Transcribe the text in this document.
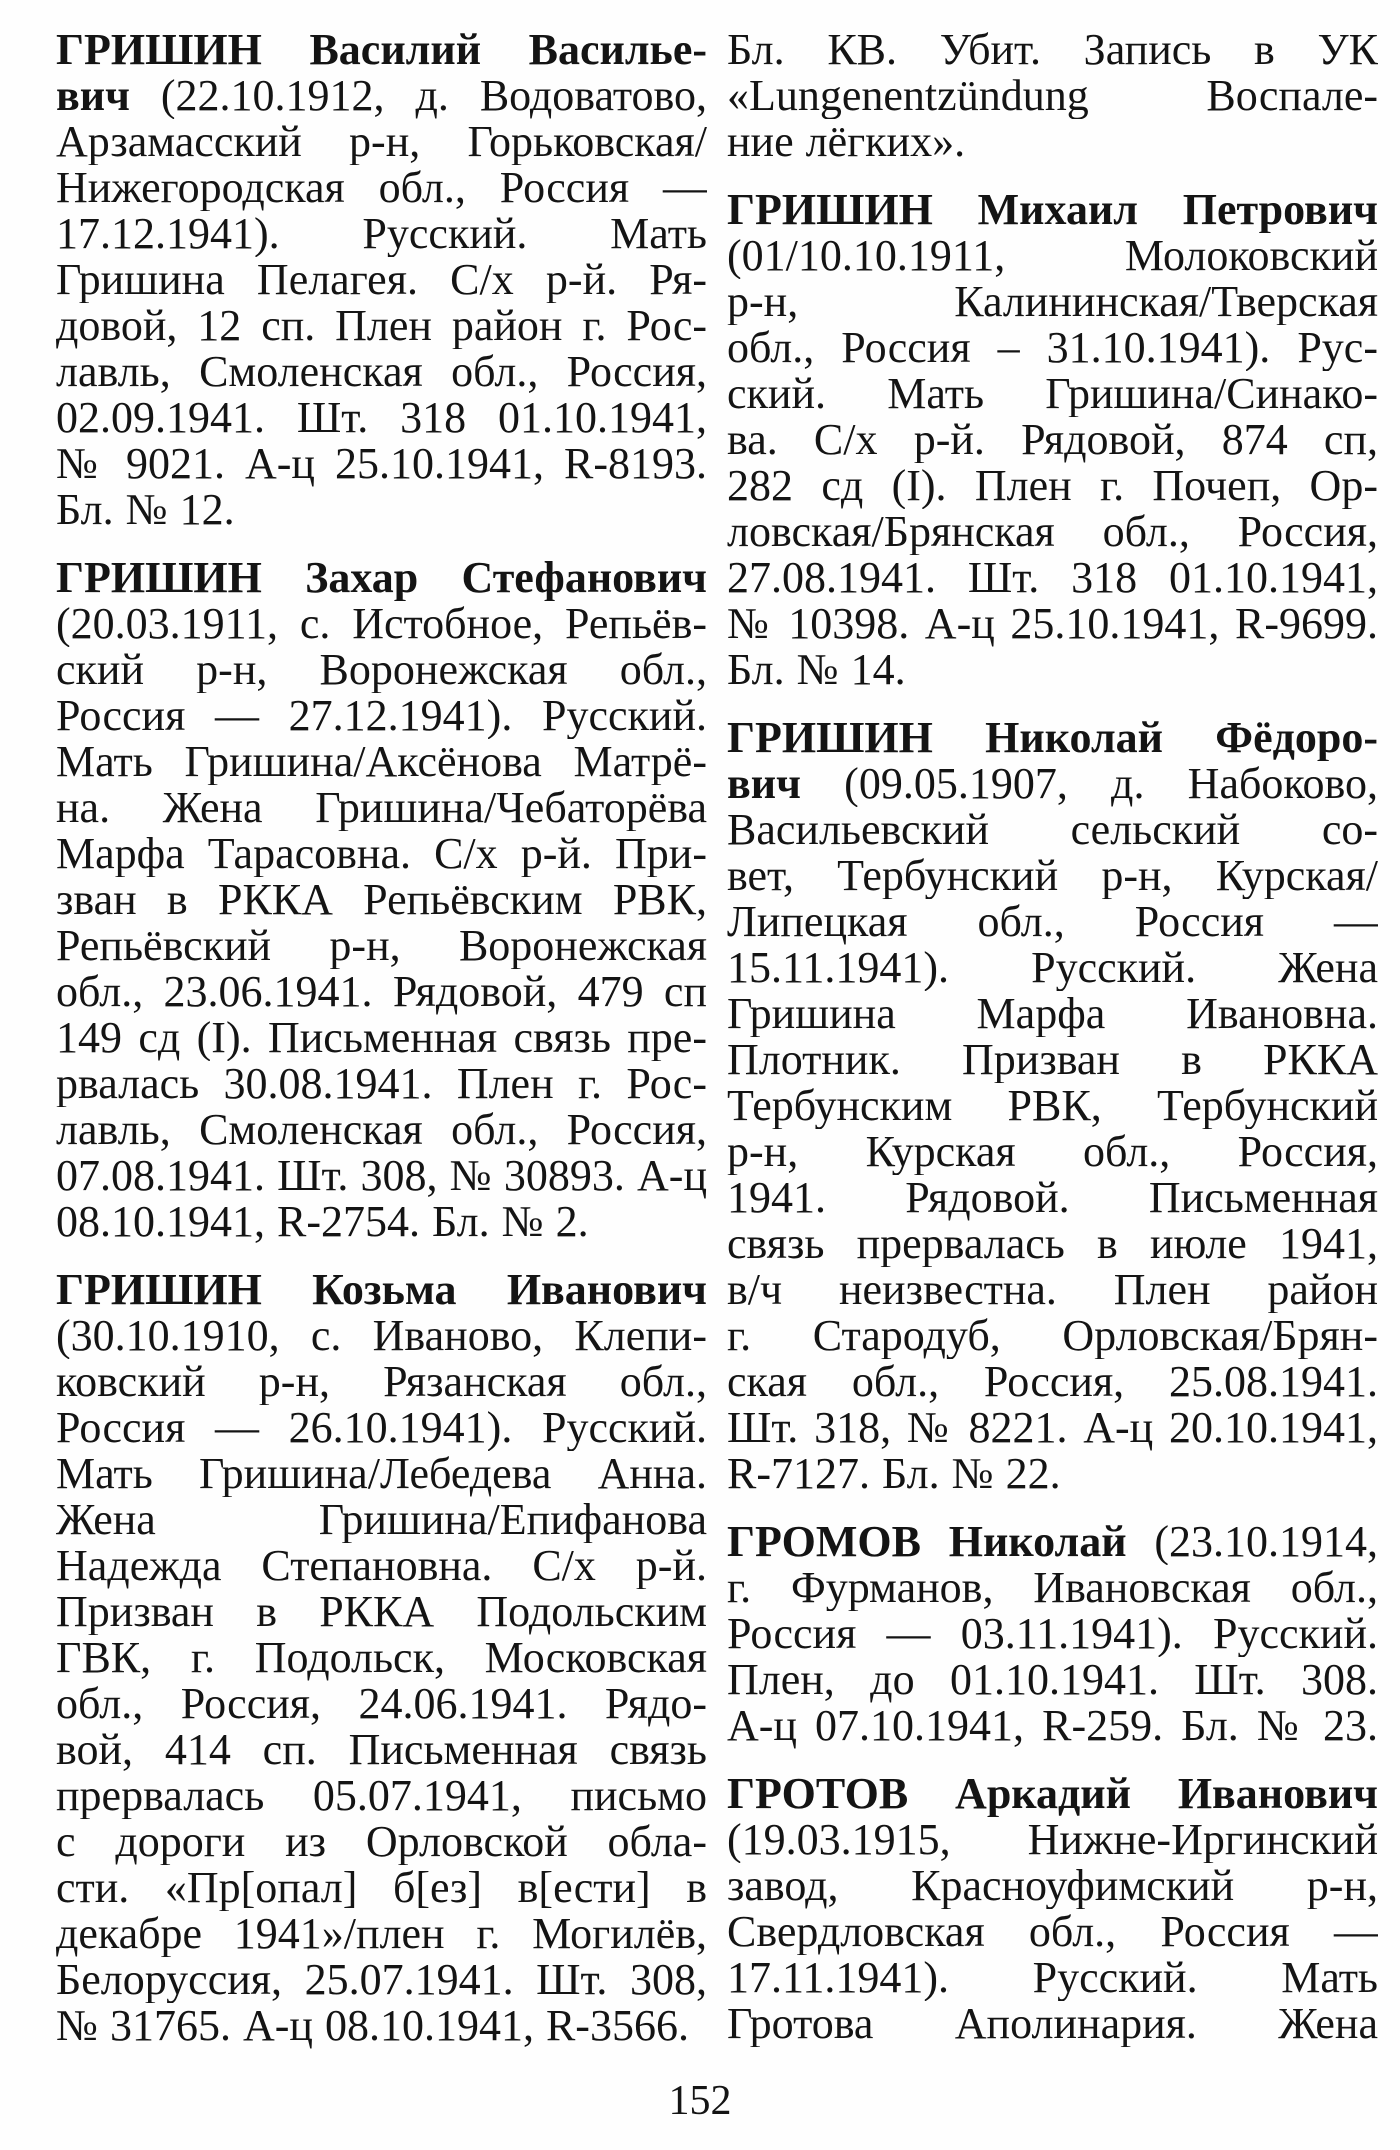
ГРИШИН Василий Василье-
вич (22.10.1912, д. Водоватово,
Арзамасский р-н, Горьковская/
Нижегородская обл., Россия —
17.12.1941). Русский. Мать
Гришина Пелагея. С/х р-й. Ря-
довой, 12 сп. Плен район г. Рос-
лавль, Смоленская обл., Россия,
02.09.1941. Шт. 318 01.10.1941,
№ 9021. А-ц 25.10.1941, R-8193.
Бл. № 12.
ГРИШИН Захар Стефанович
(20.03.1911, с. Истобное, Репьёв-
ский р-н, Воронежская обл.,
Россия — 27.12.1941). Русский.
Мать Гришина/Аксёнова Матрё-
на. Жена Гришина/Чебаторёва
Марфа Тарасовна. С/х р-й. При-
зван в РККА Репьёвским РВК,
Репьёвский р-н, Воронежская
обл., 23.06.1941. Рядовой, 479 сп
149 сд (I). Письменная связь пре-
рвалась 30.08.1941. Плен г. Рос-
лавль, Смоленская обл., Россия,
07.08.1941. Шт. 308, № 30893. А-ц
08.10.1941, R-2754. Бл. № 2.
ГРИШИН Козьма Иванович
(30.10.1910, с. Иваново, Клепи-
ковский р-н, Рязанская обл.,
Россия — 26.10.1941). Русский.
Мать Гришина/Лебедева Анна.
Жена Гришина/Епифанова
Надежда Степановна. С/х р-й.
Призван в РККА Подольским
ГВК, г. Подольск, Московская
обл., Россия, 24.06.1941. Рядо-
вой, 414 сп. Письменная связь
прервалась 05.07.1941, письмо
с дороги из Орловской обла-
сти. «Пр[опал] б[ез] в[ести] в
декабре 1941»/плен г. Могилёв,
Белоруссия, 25.07.1941. Шт. 308,
№ 31765. А-ц 08.10.1941, R-3566.
Бл. КВ. Убит. Запись в УК
«Lungenentzündung Воспале-
ние лёгких».
ГРИШИН Михаил Петрович
(01/10.10.1911, Молоковский
р-н, Калининская/Тверская
обл., Россия – 31.10.1941). Рус-
ский. Мать Гришина/Синако-
ва. С/х р-й. Рядовой, 874 сп,
282 сд (I). Плен г. Почеп, Ор-
ловская/Брянская обл., Россия,
27.08.1941. Шт. 318 01.10.1941,
№ 10398. А-ц 25.10.1941, R-9699.
Бл. № 14.
ГРИШИН Николай Фёдоро-
вич (09.05.1907, д. Набоково,
Васильевский сельский со-
вет, Тербунский р-н, Курская/
Липецкая обл., Россия —
15.11.1941). Русский. Жена
Гришина Марфа Ивановна.
Плотник. Призван в РККА
Тербунским РВК, Тербунский
р-н, Курская обл., Россия,
1941. Рядовой. Письменная
связь прервалась в июле 1941,
в/ч неизвестна. Плен район
г. Стародуб, Орловская/Брян-
ская обл., Россия, 25.08.1941.
Шт. 318, № 8221. А-ц 20.10.1941,
R-7127. Бл. № 22.
ГРОМОВ Николай (23.10.1914,
г. Фурманов, Ивановская обл.,
Россия — 03.11.1941). Русский.
Плен, до 01.10.1941. Шт. 308.
А-ц 07.10.1941, R-259. Бл. № 23.
ГРОТОВ Аркадий Иванович
(19.03.1915, Нижне-Иргинский
завод, Красноуфимский р-н,
Свердловская обл., Россия —
17.11.1941). Русский. Мать
Гротова Аполинария. Жена
152
